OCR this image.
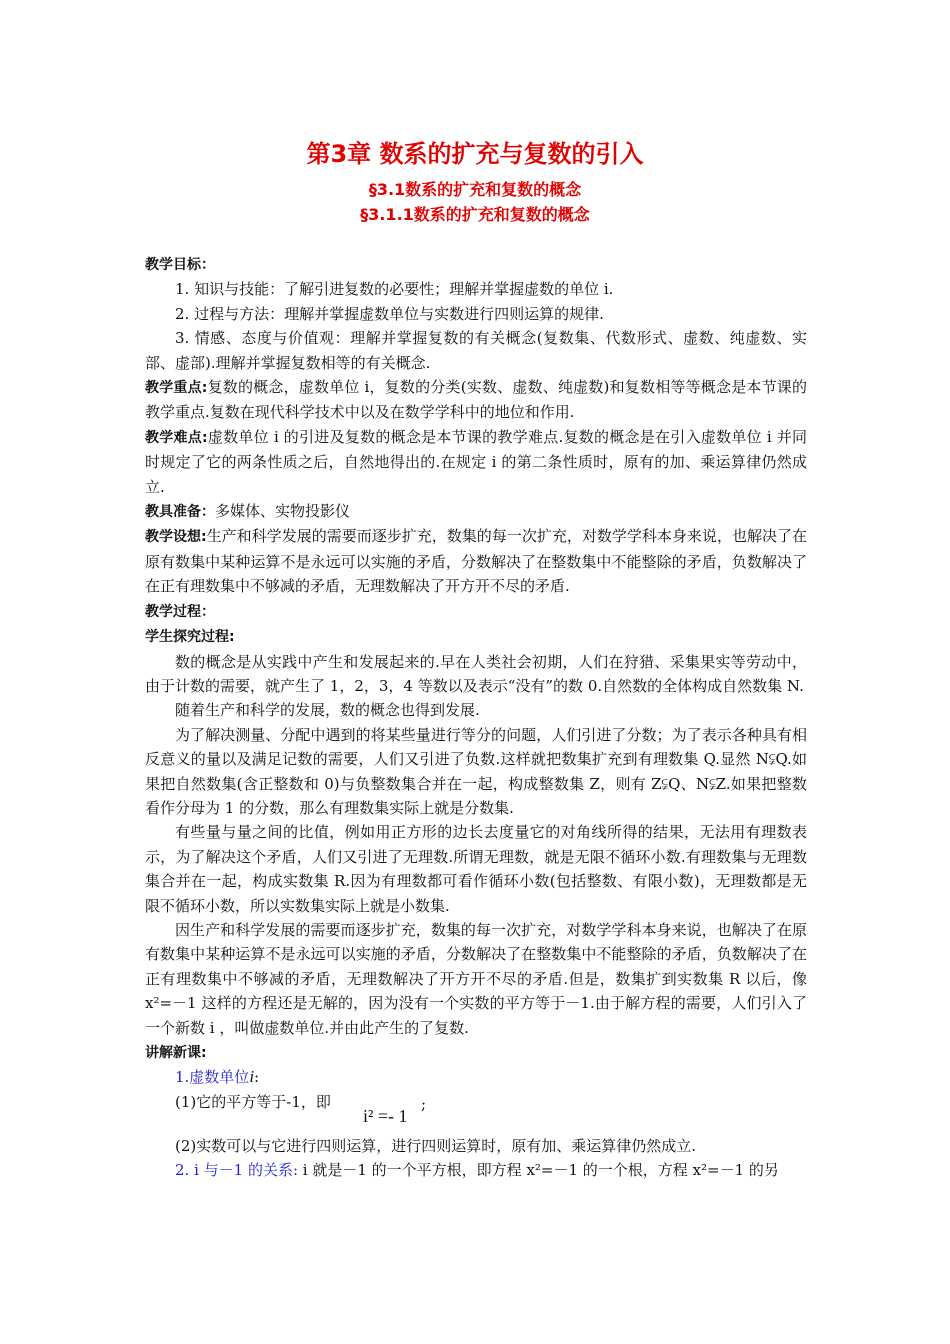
第3章 数系的扩充与复数的引入
§3.1数系的扩充和复数的概念
§3.1.1数系的扩充和复数的概念

教学目标：

1. 知识与技能：了解引进复数的必要性；理解并掌握虚数的单位 i.

2. 过程与方法：理解并掌握虚数单位与实数进行四则运算的规律.

3. 情感、态度与价值观：理解并掌握复数的有关概念(复数集、代数形式、虚数、纯虚数、实部、虚部).理解并掌握复数相等的有关概念.

教学重点:复数的概念，虚数单位 i，复数的分类(实数、虚数、纯虚数)和复数相等等概念是本节课的教学重点.复数在现代科学技术中以及在数学学科中的地位和作用.

教学难点:虚数单位 i 的引进及复数的概念是本节课的教学难点.复数的概念是在引入虚数单位 i 并同时规定了它的两条性质之后，自然地得出的.在规定 i 的第二条性质时，原有的加、乘运算律仍然成立.

教具准备：多媒体、实物投影仪

教学设想:生产和科学发展的需要而逐步扩充，数集的每一次扩充，对数学学科本身来说，也解决了在原有数集中某种运算不是永远可以实施的矛盾，分数解决了在整数集中不能整除的矛盾，负数解决了在正有理数集中不够减的矛盾，无理数解决了开方开不尽的矛盾.

教学过程：

学生探究过程:

数的概念是从实践中产生和发展起来的.早在人类社会初期，人们在狩猎、采集果实等劳动中，由于计数的需要，就产生了 1，2，3，4 等数以及表示“没有”的数 0.自然数的全体构成自然数集 N.

随着生产和科学的发展，数的概念也得到发展.

为了解决测量、分配中遇到的将某些量进行等分的问题，人们引进了分数；为了表示各种具有相反意义的量以及满足记数的需要，人们又引进了负数.这样就把数集扩充到有理数集 Q.显然 N⫋Q.如果把自然数集(含正整数和 0)与负整数集合并在一起，构成整数集 Z，则有 Z⫋Q、N⫋Z.如果把整数看作分母为 1 的分数，那么有理数集实际上就是分数集.

有些量与量之间的比值，例如用正方形的边长去度量它的对角线所得的结果，无法用有理数表示，为了解决这个矛盾，人们又引进了无理数.所谓无理数，就是无限不循环小数.有理数集与无理数集合并在一起，构成实数集 R.因为有理数都可看作循环小数(包括整数、有限小数)，无理数都是无限不循环小数，所以实数集实际上就是小数集.

因生产和科学发展的需要而逐步扩充，数集的每一次扩充，对数学学科本身来说，也解决了在原有数集中某种运算不是永远可以实施的矛盾，分数解决了在整数集中不能整除的矛盾，负数解决了在正有理数集中不够减的矛盾，无理数解决了开方开不尽的矛盾.但是，数集扩到实数集 R 以后，像 x²=－1 这样的方程还是无解的，因为没有一个实数的平方等于－1.由于解方程的需要，人们引入了一个新数 i ，叫做虚数单位.并由此产生的了复数.

讲解新课:

1.虚数单位i:

(1)它的平方等于-1，即
i² =- 1
;

(2)实数可以与它进行四则运算，进行四则运算时，原有加、乘运算律仍然成立.

2. i 与－1 的关系: i 就是－1 的一个平方根，即方程 x²=－1 的一个根，方程 x²=－1 的另
